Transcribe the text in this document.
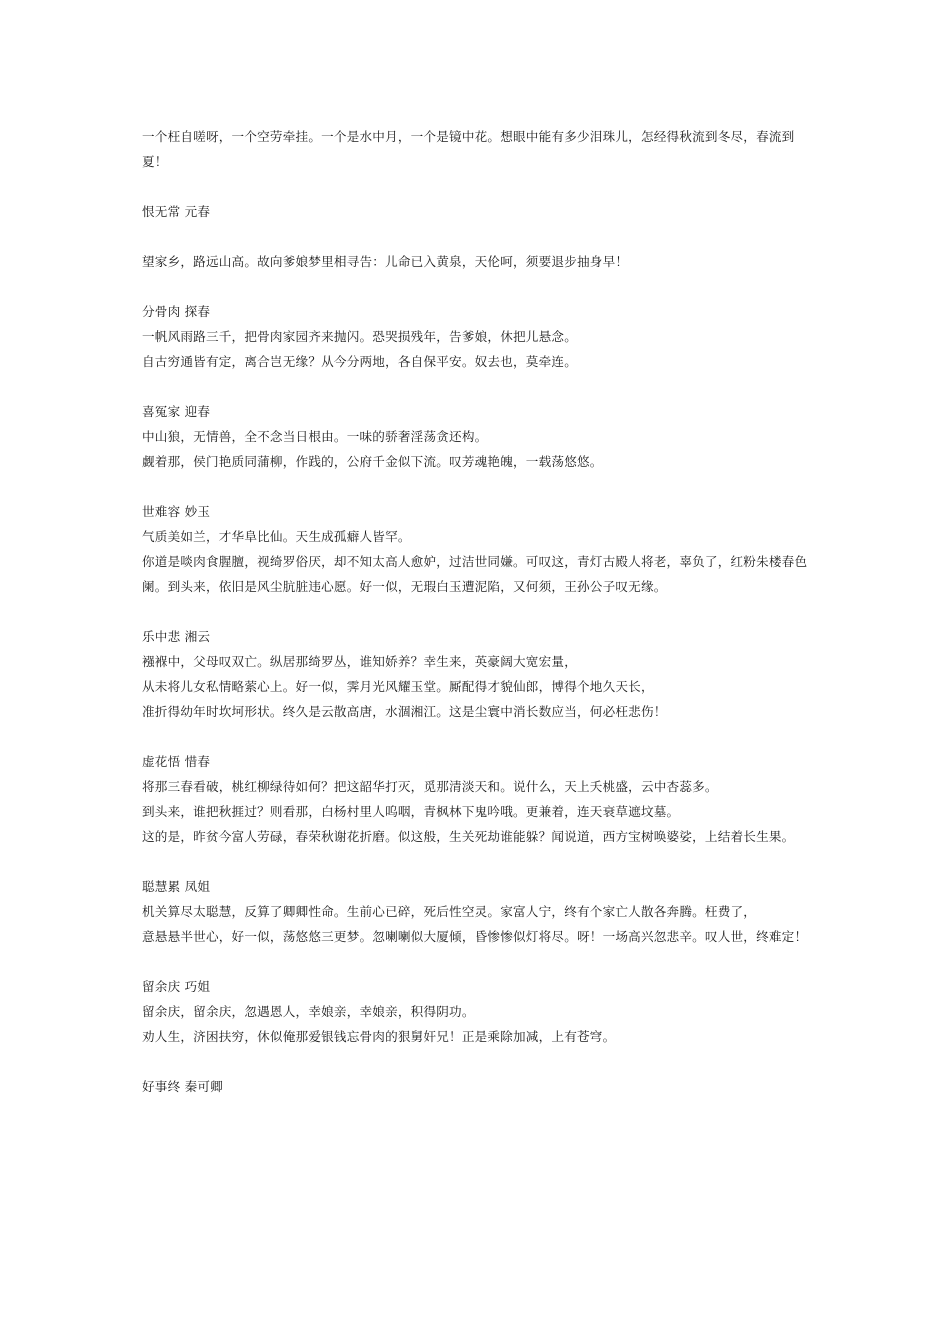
一个枉自嗟呀，一个空劳牵挂。一个是水中月，一个是镜中花。想眼中能有多少泪珠儿，怎经得秋流到冬尽，春流到夏！
恨无常 元春
望家乡，路远山高。故向爹娘梦里相寻告：儿命已入黄泉，天伦呵，须要退步抽身早！
分骨肉 探春
一帆风雨路三千，把骨肉家园齐来抛闪。恐哭损残年，告爹娘，休把儿悬念。
自古穷通皆有定，离合岂无缘？从今分两地，各自保平安。奴去也，莫牵连。
喜冤家 迎春
中山狼，无情兽，全不念当日根由。一味的骄奢淫荡贪还构。
觑着那，侯门艳质同蒲柳，作践的，公府千金似下流。叹芳魂艳魄，一载荡悠悠。
世难容 妙玉
气质美如兰，才华阜比仙。天生成孤癖人皆罕。
你道是啖肉食腥膻，视绮罗俗厌，却不知太高人愈妒，过洁世同嫌。可叹这，青灯古殿人将老，辜负了，红粉朱楼春色阑。到头来，依旧是风尘肮脏违心愿。好一似，无瑕白玉遭泥陷，又何须，王孙公子叹无缘。
乐中悲 湘云
襁褓中，父母叹双亡。纵居那绮罗丛，谁知娇养？幸生来，英豪阔大宽宏量，
从未将儿女私情略萦心上。好一似，霁月光风耀玉堂。厮配得才貌仙郎，博得个地久天长，
准折得幼年时坎坷形状。终久是云散高唐，水涸湘江。这是尘寰中消长数应当，何必枉悲伤！
虚花悟 惜春
将那三春看破，桃红柳绿待如何？把这韶华打灭，觅那清淡天和。说什么，天上夭桃盛，云中杏蕊多。
到头来，谁把秋捱过？则看那，白杨村里人呜咽，青枫林下鬼吟哦。更兼着，连天衰草遮坟墓。
这的是，昨贫今富人劳碌，春荣秋谢花折磨。似这般，生关死劫谁能躲？闻说道，西方宝树唤婆娑，上结着长生果。
聪慧累 凤姐
机关算尽太聪慧，反算了卿卿性命。生前心已碎，死后性空灵。家富人宁，终有个家亡人散各奔腾。枉费了，
意悬悬半世心，好一似，荡悠悠三更梦。忽喇喇似大厦倾，昏惨惨似灯将尽。呀！一场高兴忽悲辛。叹人世，终难定！
留余庆 巧姐
留余庆，留余庆，忽遇恩人，幸娘亲，幸娘亲，积得阴功。
劝人生，济困扶穷，休似俺那爱银钱忘骨肉的狠舅奸兄！正是乘除加减，上有苍穹。
好事终 秦可卿
